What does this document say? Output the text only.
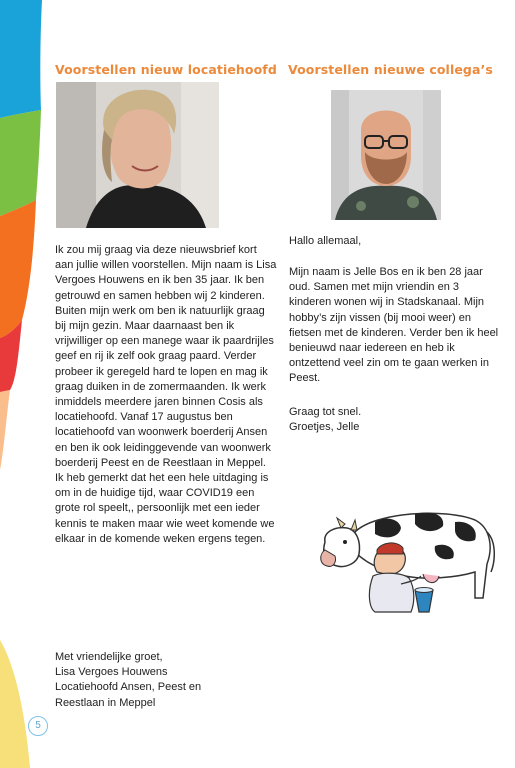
Voorstellen nieuw locatiehoofd

Ik zou mij graag via deze nieuwsbrief kort aan jullie willen voorstellen. Mijn naam is Lisa Vergoes Houwens en ik ben 35 jaar. Ik ben getrouwd en samen hebben wij 2 kinderen. Buiten mijn werk om ben ik natuurlijk graag bij mijn gezin. Maar daarnaast ben ik vrijwilliger op een manege waar ik paardrijles geef en rij ik zelf ook graag paard. Verder probeer ik geregeld hard te lopen en mag ik graag duiken in de zomermaanden. Ik werk inmiddels meerdere jaren binnen Cosis als locatiehoofd. Vanaf 17 augustus ben locatiehoofd van woonwerk boerderij Ansen en ben ik ook leidinggevende van woonwerk boerderij Peest en de Reestlaan in Meppel. Ik heb gemerkt dat het een hele uitdaging is om in de huidige tijd, waar COVID19 een grote rol speelt,, persoonlijk met een ieder kennis te maken maar wie weet komende we elkaar in de komende weken ergens tegen.

Met vriendelijke groet,

Lisa Vergoes Houwens

Locatiehoofd Ansen, Peest en

Reestlaan in Meppel

Voorstellen nieuwe collega’s

Hallo allemaal,

Mijn naam is Jelle Bos en ik ben 28 jaar oud. Samen met mijn vriendin en 3 kinderen wonen wij in Stadskanaal. Mijn hobby’s zijn vissen (bij mooi weer) en fietsen met de kinderen. Verder ben ik heel benieuwd naar iedereen en heb ik ontzettend veel zin om te gaan werken in Peest.

Graag tot snel.

Groetjes, Jelle

5
